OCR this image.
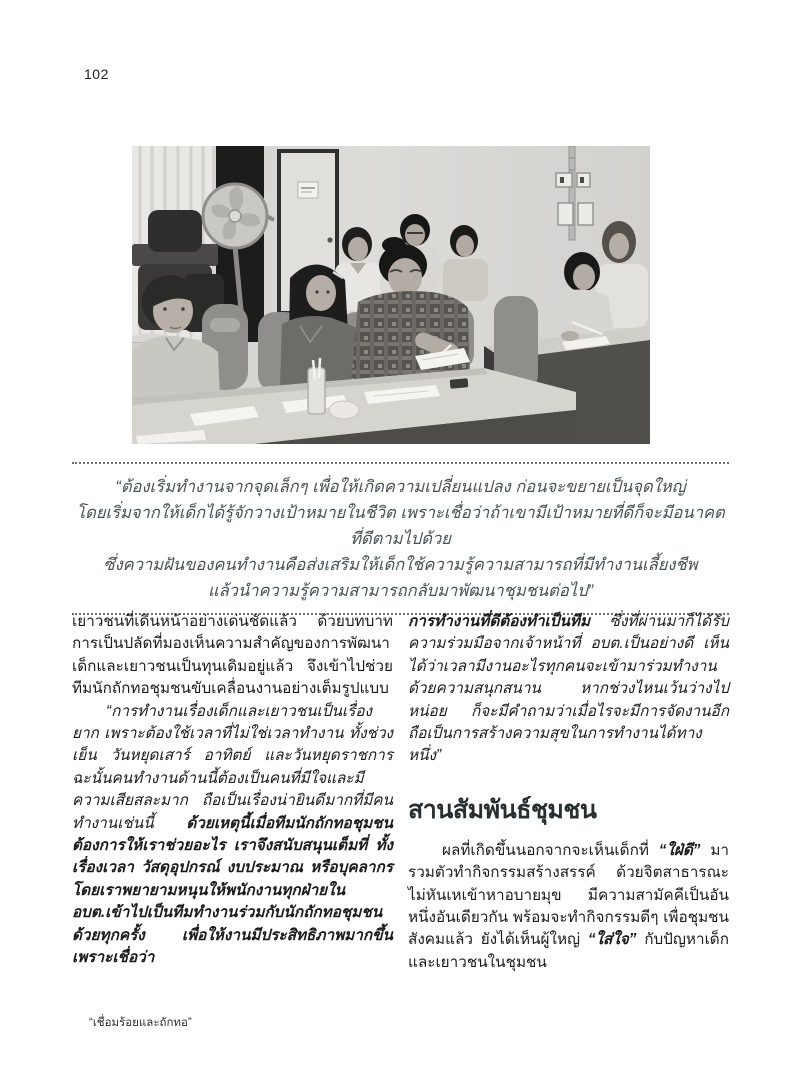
102
“ต้องเริ่มทำงานจากจุดเล็กๆ เพื่อให้เกิดความเปลี่ยนแปลง ก่อนจะขยายเป็นจุดใหญ่
โดยเริ่มจากให้เด็กได้รู้จักวางเป้าหมายในชีวิต เพราะเชื่อว่าถ้าเขามีเป้าหมายที่ดีก็จะมีอนาคตที่ดีตามไปด้วย
ซึ่งความฝันของคนทำงานคือส่งเสริมให้เด็กใช้ความรู้ความสามารถที่มีทำงานเลี้ยงชีพ
แล้วนำความรู้ความสามารถกลับมาพัฒนาชุมชนต่อไป”

เยาวชนที่เดินหน้าอย่างเด่นชัดแล้ว ด้วยบทบาทการเป็นปลัดที่มองเห็นความสำคัญของการพัฒนาเด็กและเยาวชนเป็นทุนเดิมอยู่แล้ว จึงเข้าไปช่วยทีมนักถักทอชุมชนขับเคลื่อนงานอย่างเต็มรูปแบบ

“การทำงานเรื่องเด็กและเยาวชนเป็นเรื่องยาก เพราะต้องใช้เวลาที่ไม่ใช่เวลาทำงาน ทั้งช่วงเย็น วันหยุดเสาร์ อาทิตย์ และวันหยุดราชการ ฉะนั้นคนทำงานด้านนี้ต้องเป็นคนที่มีใจและมีความเสียสละมาก ถือเป็นเรื่องน่ายินดีมากที่มีคนทำงานเช่นนี้ ด้วยเหตุนี้เมื่อทีมนักถักทอชุมชนต้องการให้เราช่วยอะไร เราจึงสนับสนุนเต็มที่ ทั้งเรื่องเวลา วัสดุอุปกรณ์ งบประมาณ หรือบุคลากร โดยเราพยายามหนุนให้พนักงานทุกฝ่ายใน อบต.เข้าไปเป็นทีมทำงานร่วมกับนักถักทอชุมชนด้วยทุกครั้ง เพื่อให้งานมีประสิทธิภาพมากขึ้น เพราะเชื่อว่า

การทำงานที่ดีต้องทำเป็นทีม ซึ่งที่ผ่านมาก็ได้รับความร่วมมือจากเจ้าหน้าที่ อบต.เป็นอย่างดี เห็นได้ว่าเวลามีงานอะไรทุกคนจะเข้ามาร่วมทำงานด้วยความสนุกสนาน หากช่วงไหนเว้นว่างไปหน่อย ก็จะมีคำถามว่าเมื่อไรจะมีการจัดงานอีก ถือเป็นการสร้างความสุขในการทำงานได้ทางหนึ่ง”

สานสัมพันธ์ชุมชน

ผลที่เกิดขึ้นนอกจากจะเห็นเด็กที่ “ใฝ่ดี” มารวมตัวทำกิจกรรมสร้างสรรค์ ด้วยจิตสาธารณะ ไม่หันเหเข้าหาอบายมุข มีความสามัคคีเป็นอันหนึ่งอันเดียวกัน พร้อมจะทำกิจกรรมดีๆ เพื่อชุมชนสังคมแล้ว ยังได้เห็นผู้ใหญ่ “ใส่ใจ” กับปัญหาเด็กและเยาวชนในชุมชน

“เชื่อมร้อยและถักทอ”
